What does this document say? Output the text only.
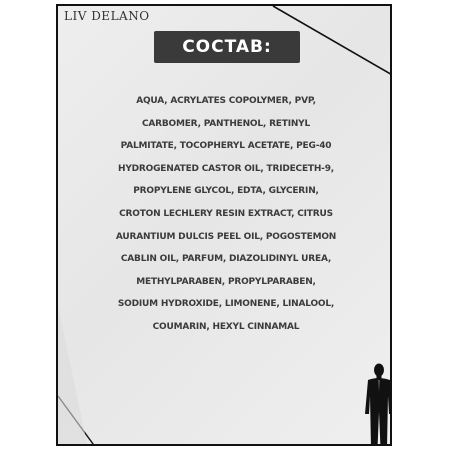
LIV DELANO
COCTAB:
AQUA, ACRYLATES COPOLYMER, PVP,
CARBOMER, PANTHENOL, RETINYL
PALMITATE, TOCOPHERYL ACETATE, PEG-40
HYDROGENATED CASTOR OIL, TRIDECETH-9,
PROPYLENE GLYCOL, EDTA, GLYCERIN,
CROTON LECHLERY RESIN EXTRACT, CITRUS
AURANTIUM DULCIS PEEL OIL, POGOSTEMON
CABLIN OIL, PARFUM, DIAZOLIDINYL UREA,
METHYLPARABEN, PROPYLPARABEN,
SODIUM HYDROXIDE, LIMONENE, LINALOOL,
COUMARIN, HEXYL CINNAMAL
